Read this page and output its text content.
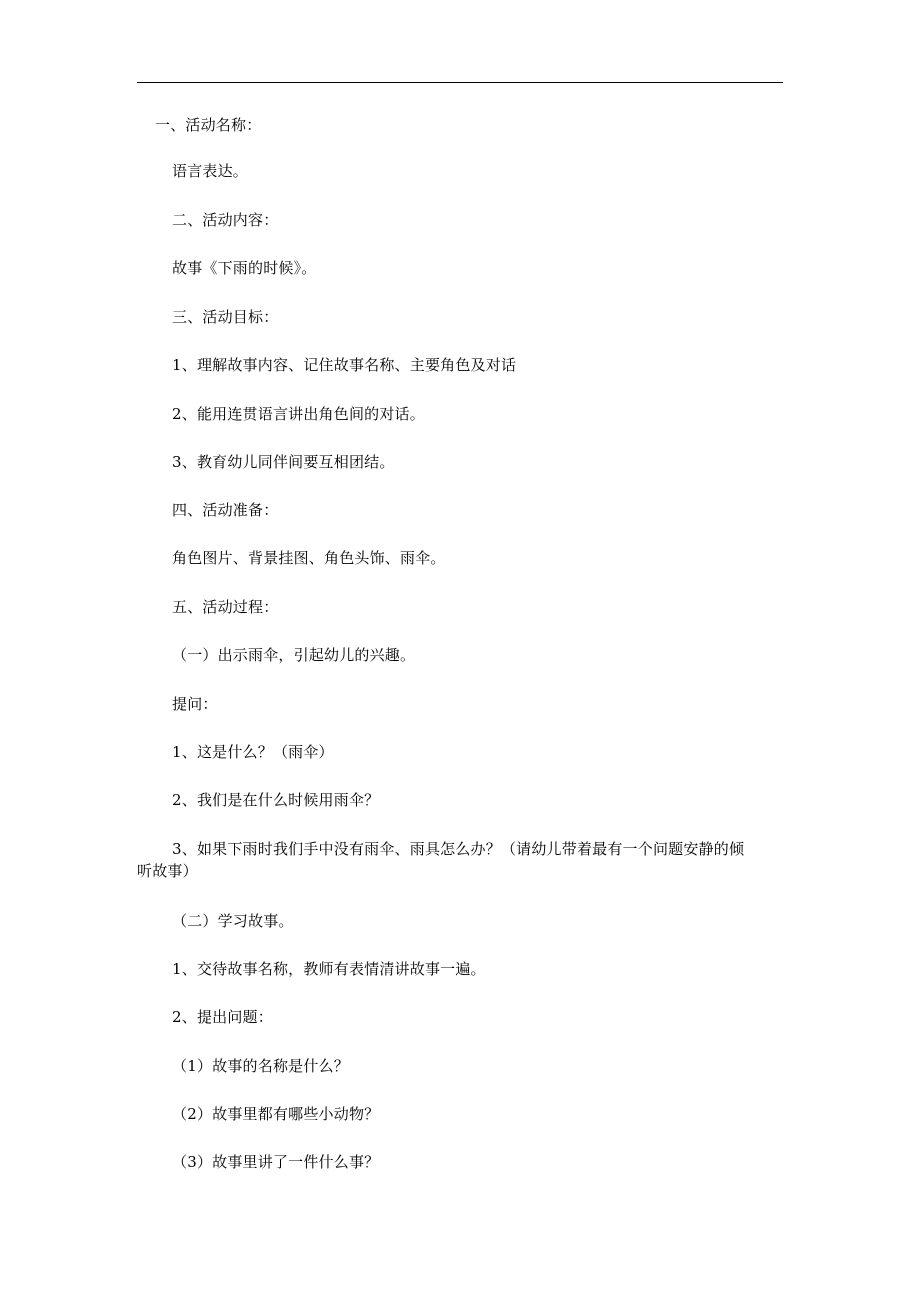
一、活动名称：
语言表达。
二、活动内容：
故事《下雨的时候》。
三、活动目标：
1、理解故事内容、记住故事名称、主要角色及对话
2、能用连贯语言讲出角色间的对话。
3、教育幼儿同伴间要互相团结。
四、活动准备：
角色图片、背景挂图、角色头饰、雨伞。
五、活动过程：
（一）出示雨伞，引起幼儿的兴趣。
提问：
1、这是什么？（雨伞）
2、我们是在什么时候用雨伞？
3、如果下雨时我们手中没有雨伞、雨具怎么办？（请幼儿带着最有一个问题安静的倾
听故事）
（二）学习故事。
1、交待故事名称，教师有表情清讲故事一遍。
2、提出问题：
（1）故事的名称是什么？
（2）故事里都有哪些小动物？
（3）故事里讲了一件什么事？
